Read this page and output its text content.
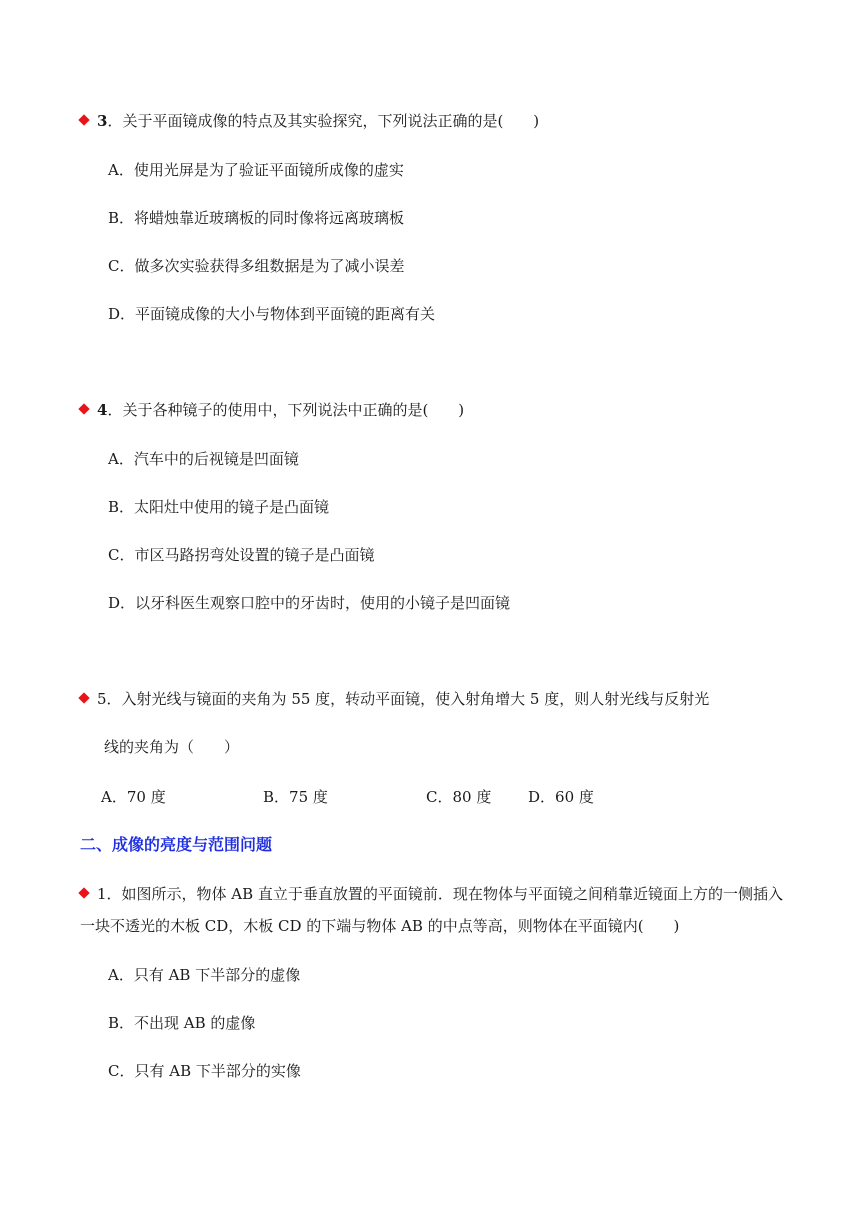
3．关于平面镜成像的特点及其实验探究，下列说法正确的是(　　)
A．使用光屏是为了验证平面镜所成像的虚实
B．将蜡烛靠近玻璃板的同时像将远离玻璃板
C．做多次实验获得多组数据是为了减小误差
D．平面镜成像的大小与物体到平面镜的距离有关
4．关于各种镜子的使用中，下列说法中正确的是(　　)
A．汽车中的后视镜是凹面镜
B．太阳灶中使用的镜子是凸面镜
C．市区马路拐弯处设置的镜子是凸面镜
D．以牙科医生观察口腔中的牙齿时，使用的小镜子是凹面镜
5．入射光线与镜面的夹角为 55 度，转动平面镜，使入射角增大 5 度，则人射光线与反射光
线的夹角为（　　）
A．70 度	B．75 度	C．80 度 D．60 度
二、成像的亮度与范围问题
1．如图所示，物体 AB 直立于垂直放置的平面镜前．现在物体与平面镜之间稍靠近镜面上方的一侧插入
一块不透光的木板 CD，木板 CD 的下端与物体 AB 的中点等高，则物体在平面镜内(　　)
A．只有 AB 下半部分的虚像
B．不出现 AB 的虚像
C．只有 AB 下半部分的实像
